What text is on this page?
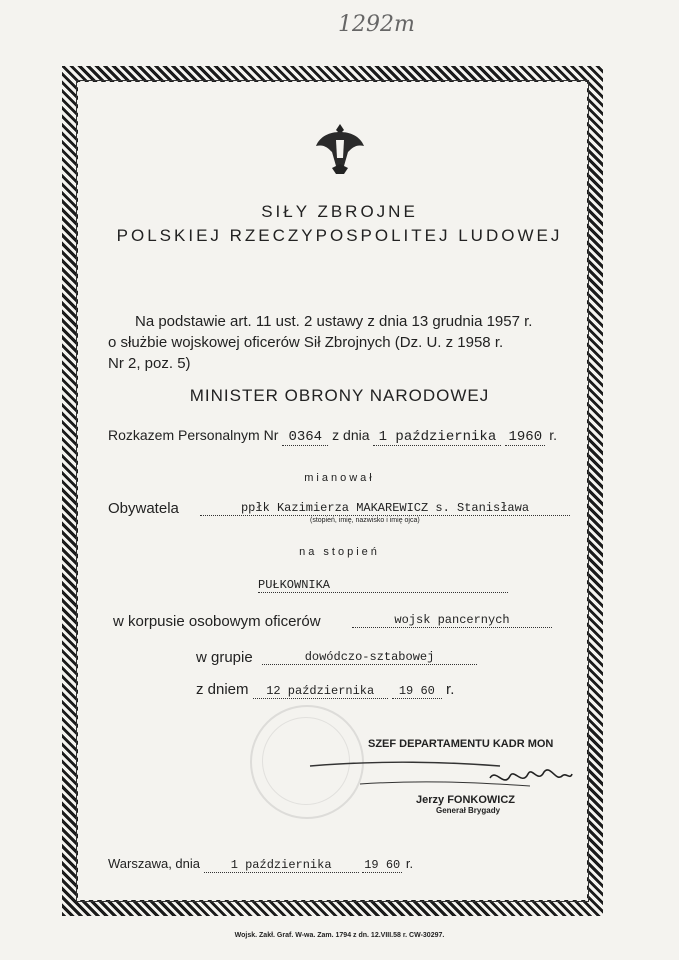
1292m
SIŁY ZBROJNE
POLSKIEJ RZECZYPOSPOLITEJ LUDOWEJ
Na podstawie art. 11 ust. 2 ustawy z dnia 13 grudnia 1957 r.
o służbie wojskowej oficerów Sił Zbrojnych (Dz. U. z 1958 r.
Nr 2, poz. 5)
MINISTER OBRONY NARODOWEJ
Rozkazem Personalnym Nr 0364 z dnia 1 października 1960 r.
mianował
Obywatela	ppłk Kazimierza MAKAREWICZ s. Stanisława
(stopień, imię, nazwisko i imię ojca)
na stopień
PUŁKOWNIKA
w korpusie osobowym oficerów	wojsk pancernych
w grupie	dowódczo-sztabowej
z dniem 12 października 19 60 r.
SZEF DEPARTAMENTU KADR MON
Jerzy FONKOWICZ
Generał Brygady
Warszawa, dnia	1 października	19 60 r.
Wojsk. Zakł. Graf. W-wa. Zam. 1794 z dn. 12.VIII.58 r. CW-30297.
